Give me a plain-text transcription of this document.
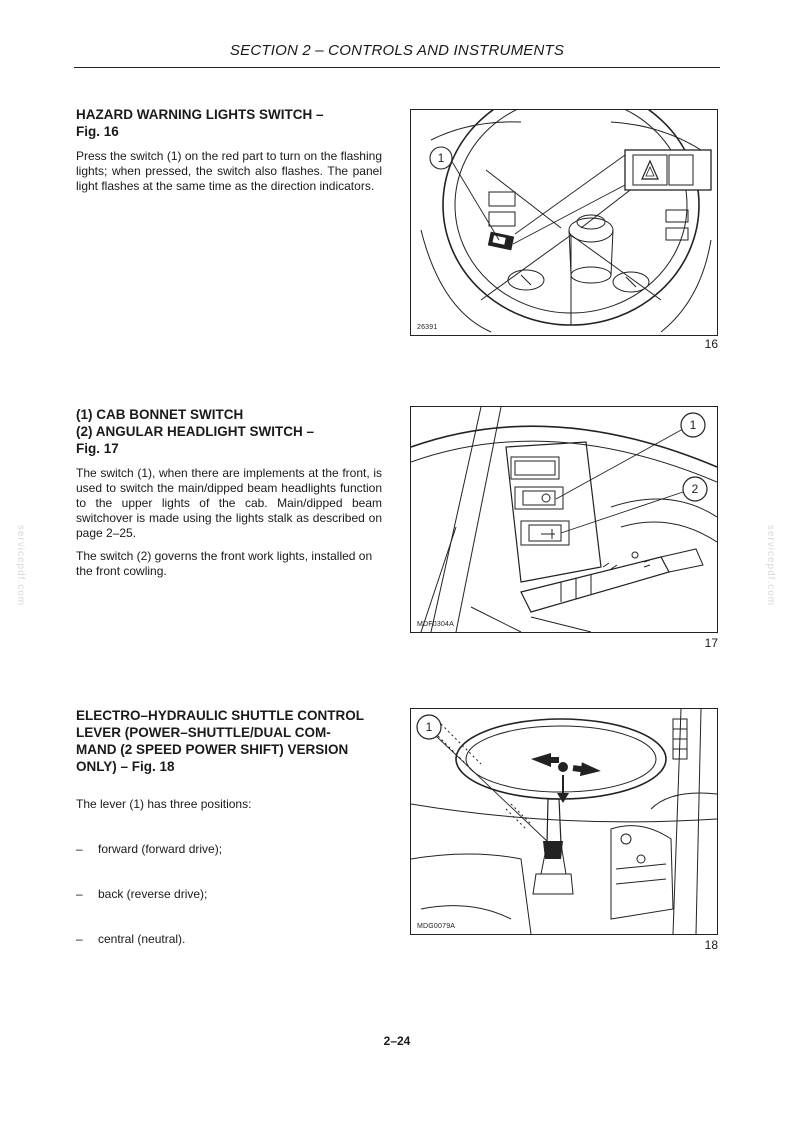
SECTION 2 – CONTROLS AND INSTRUMENTS
servicepdf.com	servicepdf.com
HAZARD WARNING LIGHTS SWITCH –
Fig. 16

Press the switch (1) on the red part to turn on the flashing lights; when pressed, the switch also flashes. The panel light flashes at the same time as the direction indicators.

1
26391
16
(1) CAB BONNET SWITCH
(2) ANGULAR HEADLIGHT SWITCH –
Fig. 17

The switch (1), when there are implements at the front, is used to switch the main/dipped beam headlights function to the upper lights of the cab. Main/dipped beam switchover is made using the lights stalk as described on page 2–25.

The switch (2) governs the front work lights, installed on the front cowling.

1
2
MDF0304A
17
ELECTRO–HYDRAULIC SHUTTLE CONTROL
LEVER (POWER–SHUTTLE/DUAL COM-
MAND (2 SPEED POWER SHIFT) VERSION
ONLY) – Fig. 18

The lever (1) has three positions:

–	forward (forward drive);
–	back (reverse drive);
–	central (neutral).
1
MDG0079A
18
2–24
